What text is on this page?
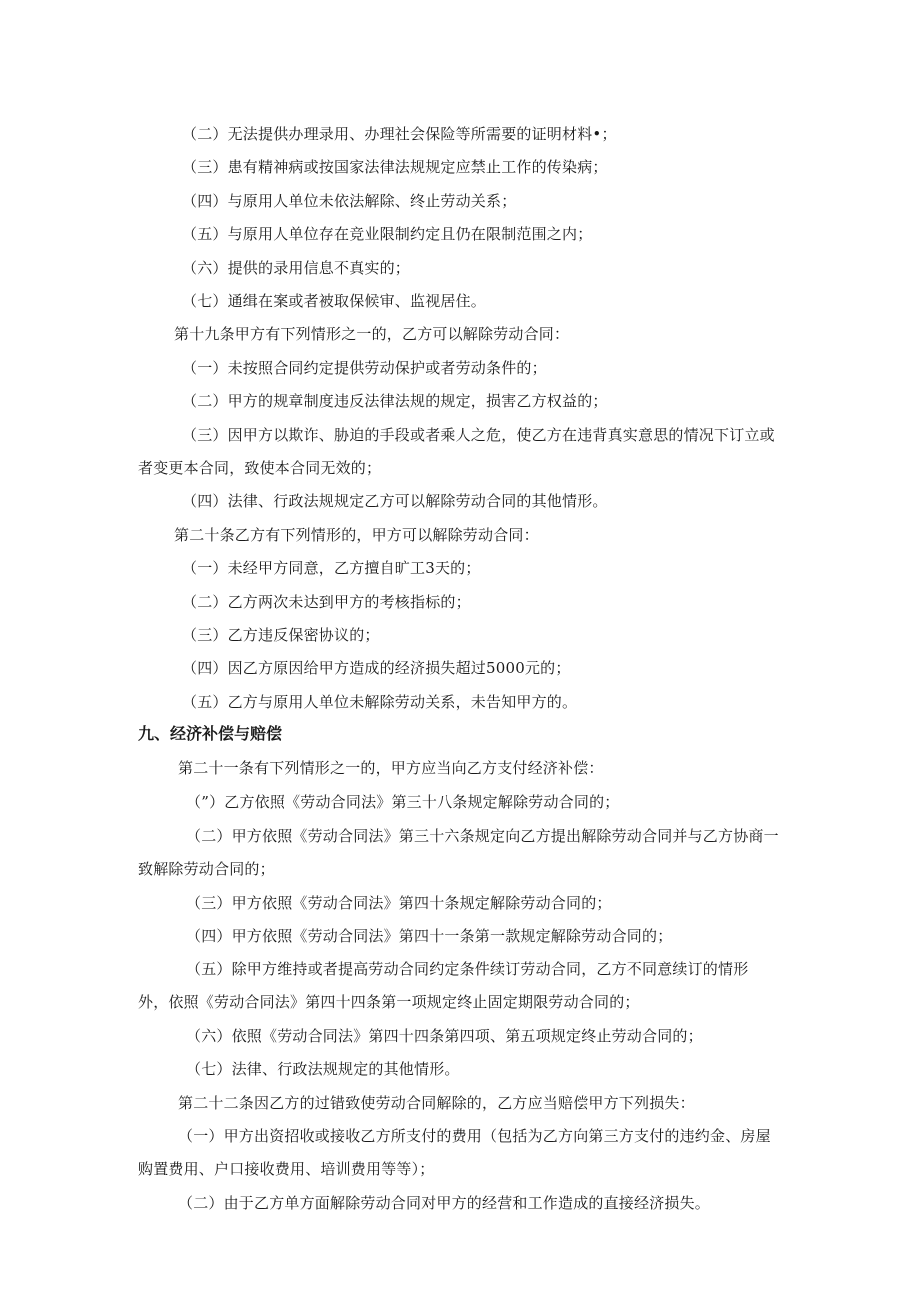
（二）无法提供办理录用、办理社会保险等所需要的证明材料•；
（三）患有精神病或按国家法律法规规定应禁止工作的传染病；
（四）与原用人单位未依法解除、终止劳动关系；
（五）与原用人单位存在竞业限制约定且仍在限制范围之内；
（六）提供的录用信息不真实的；
（七）通缉在案或者被取保候审、监视居住。
第十九条甲方有下列情形之一的，乙方可以解除劳动合同：
（一）未按照合同约定提供劳动保护或者劳动条件的；
（二）甲方的规章制度违反法律法规的规定，损害乙方权益的；
（三）因甲方以欺诈、胁迫的手段或者乘人之危，使乙方在违背真实意思的情况下订立或
者变更本合同，致使本合同无效的；
（四）法律、行政法规规定乙方可以解除劳动合同的其他情形。
第二十条乙方有下列情形的，甲方可以解除劳动合同：
（一）未经甲方同意，乙方擅自旷工3天的；
（二）乙方两次未达到甲方的考核指标的；
（三）乙方违反保密协议的；
（四）因乙方原因给甲方造成的经济损失超过5000元的；
（五）乙方与原用人单位未解除劳动关系，未告知甲方的。
九、经济补偿与赔偿
第二十一条有下列情形之一的，甲方应当向乙方支付经济补偿：
（”）乙方依照《劳动合同法》第三十八条规定解除劳动合同的；
（二）甲方依照《劳动合同法》第三十六条规定向乙方提出解除劳动合同并与乙方协商一
致解除劳动合同的；
（三）甲方依照《劳动合同法》第四十条规定解除劳动合同的；
（四）甲方依照《劳动合同法》第四十一条第一款规定解除劳动合同的；
（五）除甲方维持或者提高劳动合同约定条件续订劳动合同，乙方不同意续订的情形
外，依照《劳动合同法》第四十四条第一项规定终止固定期限劳动合同的；
（六）依照《劳动合同法》第四十四条第四项、第五项规定终止劳动合同的；
（七）法律、行政法规规定的其他情形。
第二十二条因乙方的过错致使劳动合同解除的，乙方应当赔偿甲方下列损失：
（一）甲方出资招收或接收乙方所支付的费用（包括为乙方向第三方支付的违约金、房屋
购置费用、户口接收费用、培训费用等等）；
（二）由于乙方单方面解除劳动合同对甲方的经营和工作造成的直接经济损失。
